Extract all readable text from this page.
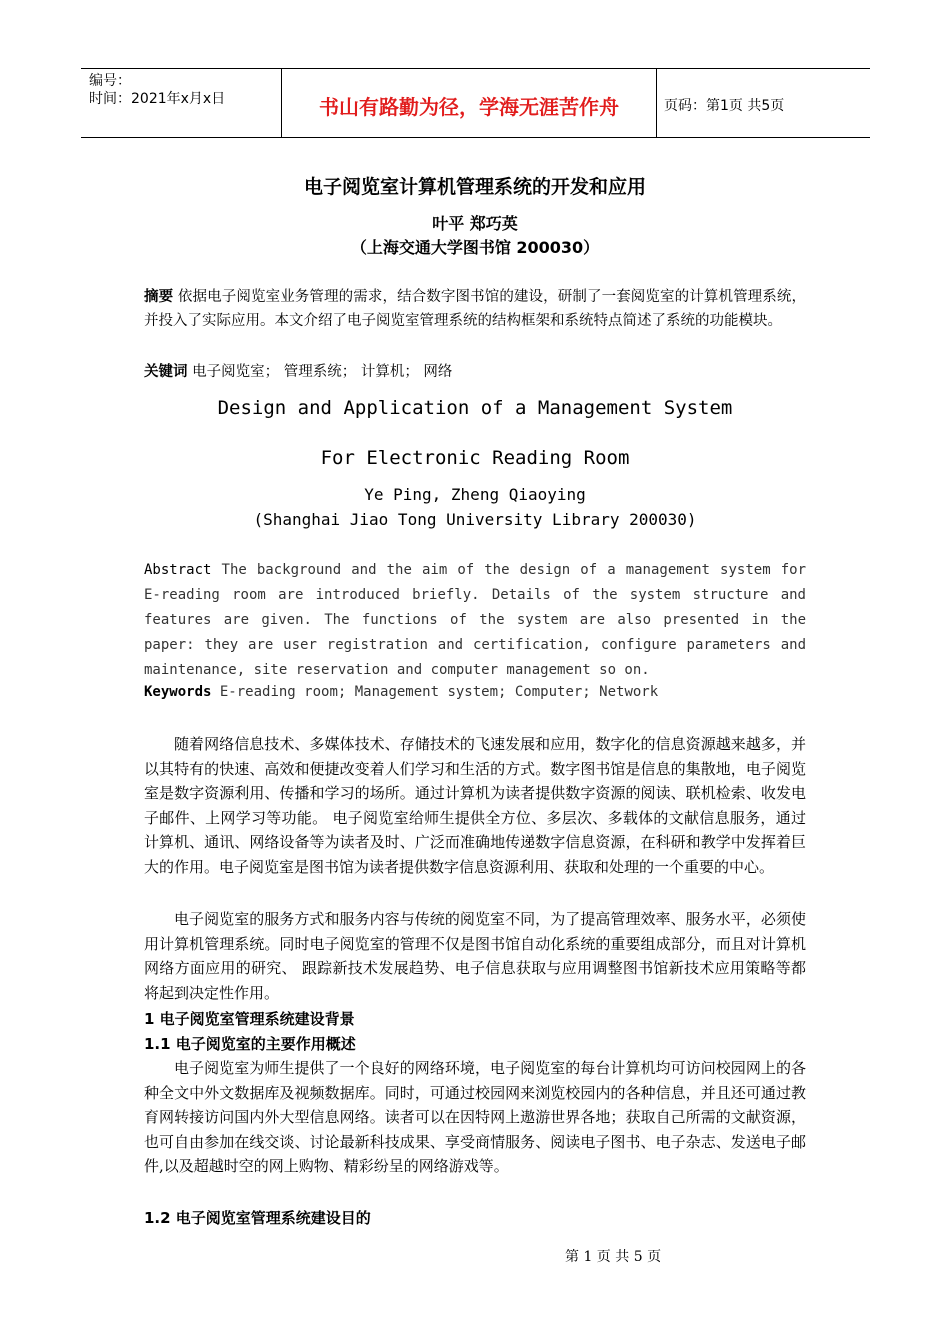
编号：
时间：2021年x月x日	书山有路勤为径，学海无涯苦作舟	页码：第1页 共5页
电子阅览室计算机管理系统的开发和应用
叶平 郑巧英
（上海交通大学图书馆 200030）

摘要 依据电子阅览室业务管理的需求，结合数字图书馆的建设，研制了一套阅览室的计算机管理系统，并投入了实际应用。本文介绍了电子阅览室管理系统的结构框架和系统特点简述了系统的功能模块。

关键词 电子阅览室； 管理系统； 计算机； 网络
Design and Application of a Management System
For Electronic Reading Room
Ye Ping, Zheng Qiaoying
(Shanghai Jiao Tong University Library 200030)

Abstract The background and the aim of the design of a management system for E-reading room are introduced briefly. Details of the system structure and features are given. The functions of the system are also presented in the paper: they are user registration and certification, configure parameters and maintenance, site reservation and computer management so on.

Keywords E-reading room; Management system; Computer; Network

随着网络信息技术、多媒体技术、存储技术的飞速发展和应用，数字化的信息资源越来越多，并以其特有的快速、高效和便捷改变着人们学习和生活的方式。数字图书馆是信息的集散地，电子阅览室是数字资源利用、传播和学习的场所。通过计算机为读者提供数字资源的阅读、联机检索、收发电子邮件、上网学习等功能。 电子阅览室给师生提供全方位、多层次、多载体的文献信息服务，通过计算机、通讯、网络设备等为读者及时、广泛而准确地传递数字信息资源，在科研和教学中发挥着巨大的作用。电子阅览室是图书馆为读者提供数字信息资源利用、获取和处理的一个重要的中心。

电子阅览室的服务方式和服务内容与传统的阅览室不同，为了提高管理效率、服务水平，必须使用计算机管理系统。同时电子阅览室的管理不仅是图书馆自动化系统的重要组成部分，而且对计算机网络方面应用的研究、 跟踪新技术发展趋势、电子信息获取与应用调整图书馆新技术应用策略等都将起到决定性作用。

1 电子阅览室管理系统建设背景

1.1 电子阅览室的主要作用概述

电子阅览室为师生提供了一个良好的网络环境，电子阅览室的每台计算机均可访问校园网上的各种全文中外文数据库及视频数据库。同时，可通过校园网来浏览校园内的各种信息，并且还可通过教育网转接访问国内外大型信息网络。读者可以在因特网上遨游世界各地；获取自己所需的文献资源，也可自由参加在线交谈、讨论最新科技成果、享受商情服务、阅读电子图书、电子杂志、发送电子邮件,以及超越时空的网上购物、精彩纷呈的网络游戏等。

1.2 电子阅览室管理系统建设目的

第 1 页 共 5 页
